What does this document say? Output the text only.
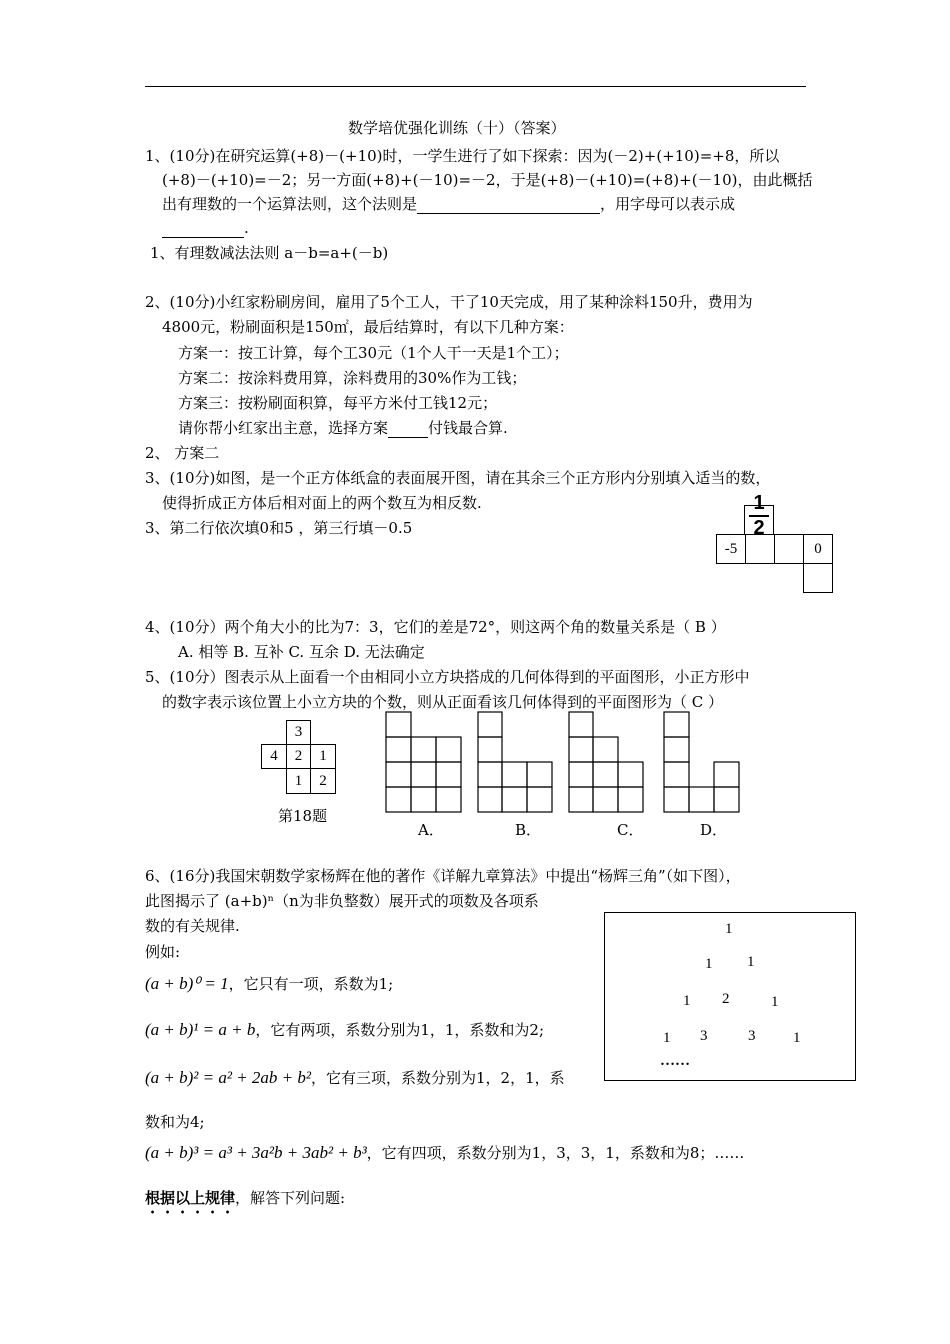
数学培优强化训练（十）（答案）
1、(10分)在研究运算(+8)－(+10)时，一学生进行了如下探索：因为(－2)+(+10)=+8，所以
(+8)－(+10)=－2；另一方面(+8)+(－10)=－2，于是(+8)－(+10)=(+8)+(－10)，由此概括
出有理数的一个运算法则，这个法则是	，用字母可以表示成
.
1、有理数减法法则 a－b=a+(－b)
2、(10分)小红家粉刷房间，雇用了5个工人，干了10天完成，用了某种涂料150升，费用为
4800元，粉刷面积是150㎡，最后结算时，有以下几种方案：
方案一：按工计算，每个工30元（1个人干一天是1个工）；
方案二：按涂料费用算，涂料费用的30%作为工钱；
方案三：按粉刷面积算，每平方米付工钱12元；
请你帮小红家出主意，选择方案	付钱最合算.
2、 方案二
3、(10分)如图，是一个正方体纸盒的表面展开图，请在其余三个正方形内分别填入适当的数，
使得折成正方体后相对面上的两个数互为相反数.
3、第二行依次填0和5 ，第三行填－0.5
1
2
-5	0
4、(10分）两个角大小的比为7：3，它们的差是72°，则这两个角的数量关系是（ B ）
A. 相等 B. 互补 C. 互余 D. 无法确定
5、(10分）图表示从上面看一个由相同小立方块搭成的几何体得到的平面图形，小正方形中
的数字表示该位置上小立方块的个数，则从正面看该几何体得到的平面图形为（ C ）
3
4	2	1
1	2
第18题
A．	B．	C．	D．
6、(16分)我国宋朝数学家杨辉在他的著作《详解九章算法》中提出“杨辉三角”（如下图），
此图揭示了 (a+b)ⁿ（n为非负整数）展开式的项数及各项系
数的有关规律.
例如:
(a + b)⁰ = 1，它只有一项，系数为1;
(a + b)¹ = a + b，它有两项，系数分别为1，1，系数和为2;
(a + b)² = a² + 2ab + b²，它有三项，系数分别为1，2，1，系
数和为4;
(a + b)³ = a³ + 3a²b + 3ab² + b³，它有四项，系数分别为1，3，3，1，系数和为8；……
根据以上规律，解答下列问题:
1
1 1
1 2	1
1 3	3	1
……
